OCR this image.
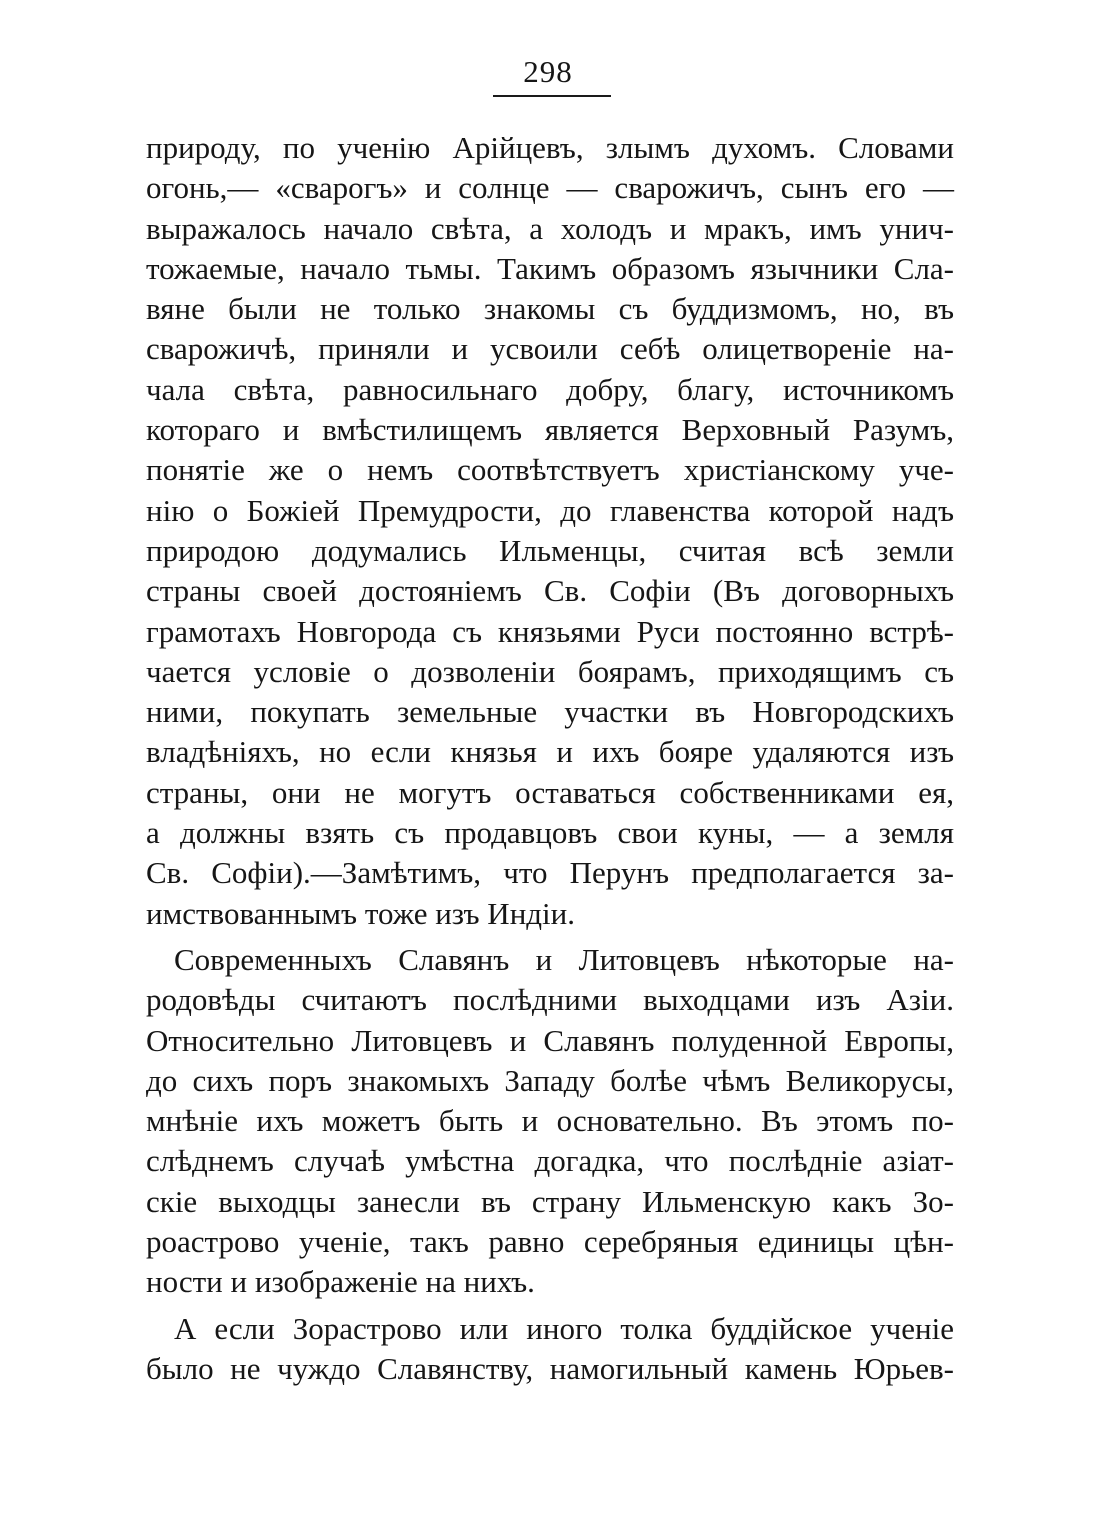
298
природу, по ученію Арійцевъ, злымъ духомъ. Словами
огонь,— «сварогъ» и солнце — сварожичъ, сынъ его —
выражалось начало свѣта, а холодъ и мракъ, имъ унич-
тожаемые, начало тьмы. Такимъ образомъ язычники Сла-
вяне были не только знакомы съ буддизмомъ, но, въ
сварожичѣ, приняли и усвоили себѣ олицетвореніе на-
чала свѣта, равносильнаго добру, благу, источникомъ
котораго и вмѣстилищемъ является Верховный Разумъ,
понятіе же о немъ соотвѣтствуетъ христіанскому уче-
нію о Божіей Премудрости, до главенства которой надъ
природою додумались Ильменцы, считая всѣ земли
страны своей достояніемъ Св. Софіи (Въ договорныхъ
грамотахъ Новгорода съ князьями Руси постоянно встрѣ-
чается условіе о дозволеніи боярамъ, приходящимъ съ
ними, покупать земельные участки въ Новгородскихъ
владѣніяхъ, но если князья и ихъ бояре удаляются изъ
страны, они не могутъ оставаться собственниками ея,
а должны взять съ продавцовъ свои куны, — а земля
Св. Софіи).—Замѣтимъ, что Перунъ предполагается за-
имствованнымъ тоже изъ Индіи.
Современныхъ Славянъ и Литовцевъ нѣкоторые на-
родовѣды считаютъ послѣдними выходцами изъ Азіи.
Относительно Литовцевъ и Славянъ полуденной Европы,
до сихъ поръ знакомыхъ Западу болѣе чѣмъ Великорусы,
мнѣніе ихъ можетъ быть и основательно. Въ этомъ по-
слѣднемъ случаѣ умѣстна догадка, что послѣдніе азіат-
скіе выходцы занесли въ страну Ильменскую какъ Зо-
роастрово ученіе, такъ равно серебряныя единицы цѣн-
ности и изображеніе на нихъ.
А если Зорастрово или иного толка буддійское ученіе
было не чуждо Славянству, намогильный камень Юрьев-
